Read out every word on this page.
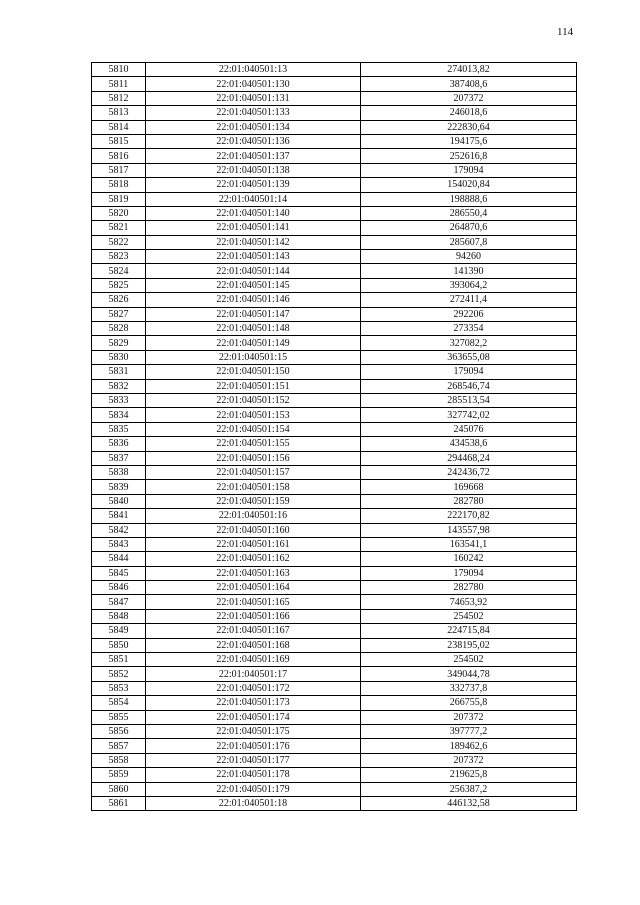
114
5810	22:01:040501:13	274013,82
5811	22:01:040501:130	387408,6
5812	22:01:040501:131	207372
5813	22:01:040501:133	246018,6
5814	22:01:040501:134	222830,64
5815	22:01:040501:136	194175,6
5816	22:01:040501:137	252616,8
5817	22:01:040501:138	179094
5818	22:01:040501:139	154020,84
5819	22:01:040501:14	198888,6
5820	22:01:040501:140	286550,4
5821	22:01:040501:141	264870,6
5822	22:01:040501:142	285607,8
5823	22:01:040501:143	94260
5824	22:01:040501:144	141390
5825	22:01:040501:145	393064,2
5826	22:01:040501:146	272411,4
5827	22:01:040501:147	292206
5828	22:01:040501:148	273354
5829	22:01:040501:149	327082,2
5830	22:01:040501:15	363655,08
5831	22:01:040501:150	179094
5832	22:01:040501:151	268546,74
5833	22:01:040501:152	285513,54
5834	22:01:040501:153	327742,02
5835	22:01:040501:154	245076
5836	22:01:040501:155	434538,6
5837	22:01:040501:156	294468,24
5838	22:01:040501:157	242436,72
5839	22:01:040501:158	169668
5840	22:01:040501:159	282780
5841	22:01:040501:16	222170,82
5842	22:01:040501:160	143557,98
5843	22:01:040501:161	163541,1
5844	22:01:040501:162	160242
5845	22:01:040501:163	179094
5846	22:01:040501:164	282780
5847	22:01:040501:165	74653,92
5848	22:01:040501:166	254502
5849	22:01:040501:167	224715,84
5850	22:01:040501:168	238195,02
5851	22:01:040501:169	254502
5852	22:01:040501:17	349044,78
5853	22:01:040501:172	332737,8
5854	22:01:040501:173	266755,8
5855	22:01:040501:174	207372
5856	22:01:040501:175	397777,2
5857	22:01:040501:176	189462,6
5858	22:01:040501:177	207372
5859	22:01:040501:178	219625,8
5860	22:01:040501:179	256387,2
5861	22:01:040501:18	446132,58
